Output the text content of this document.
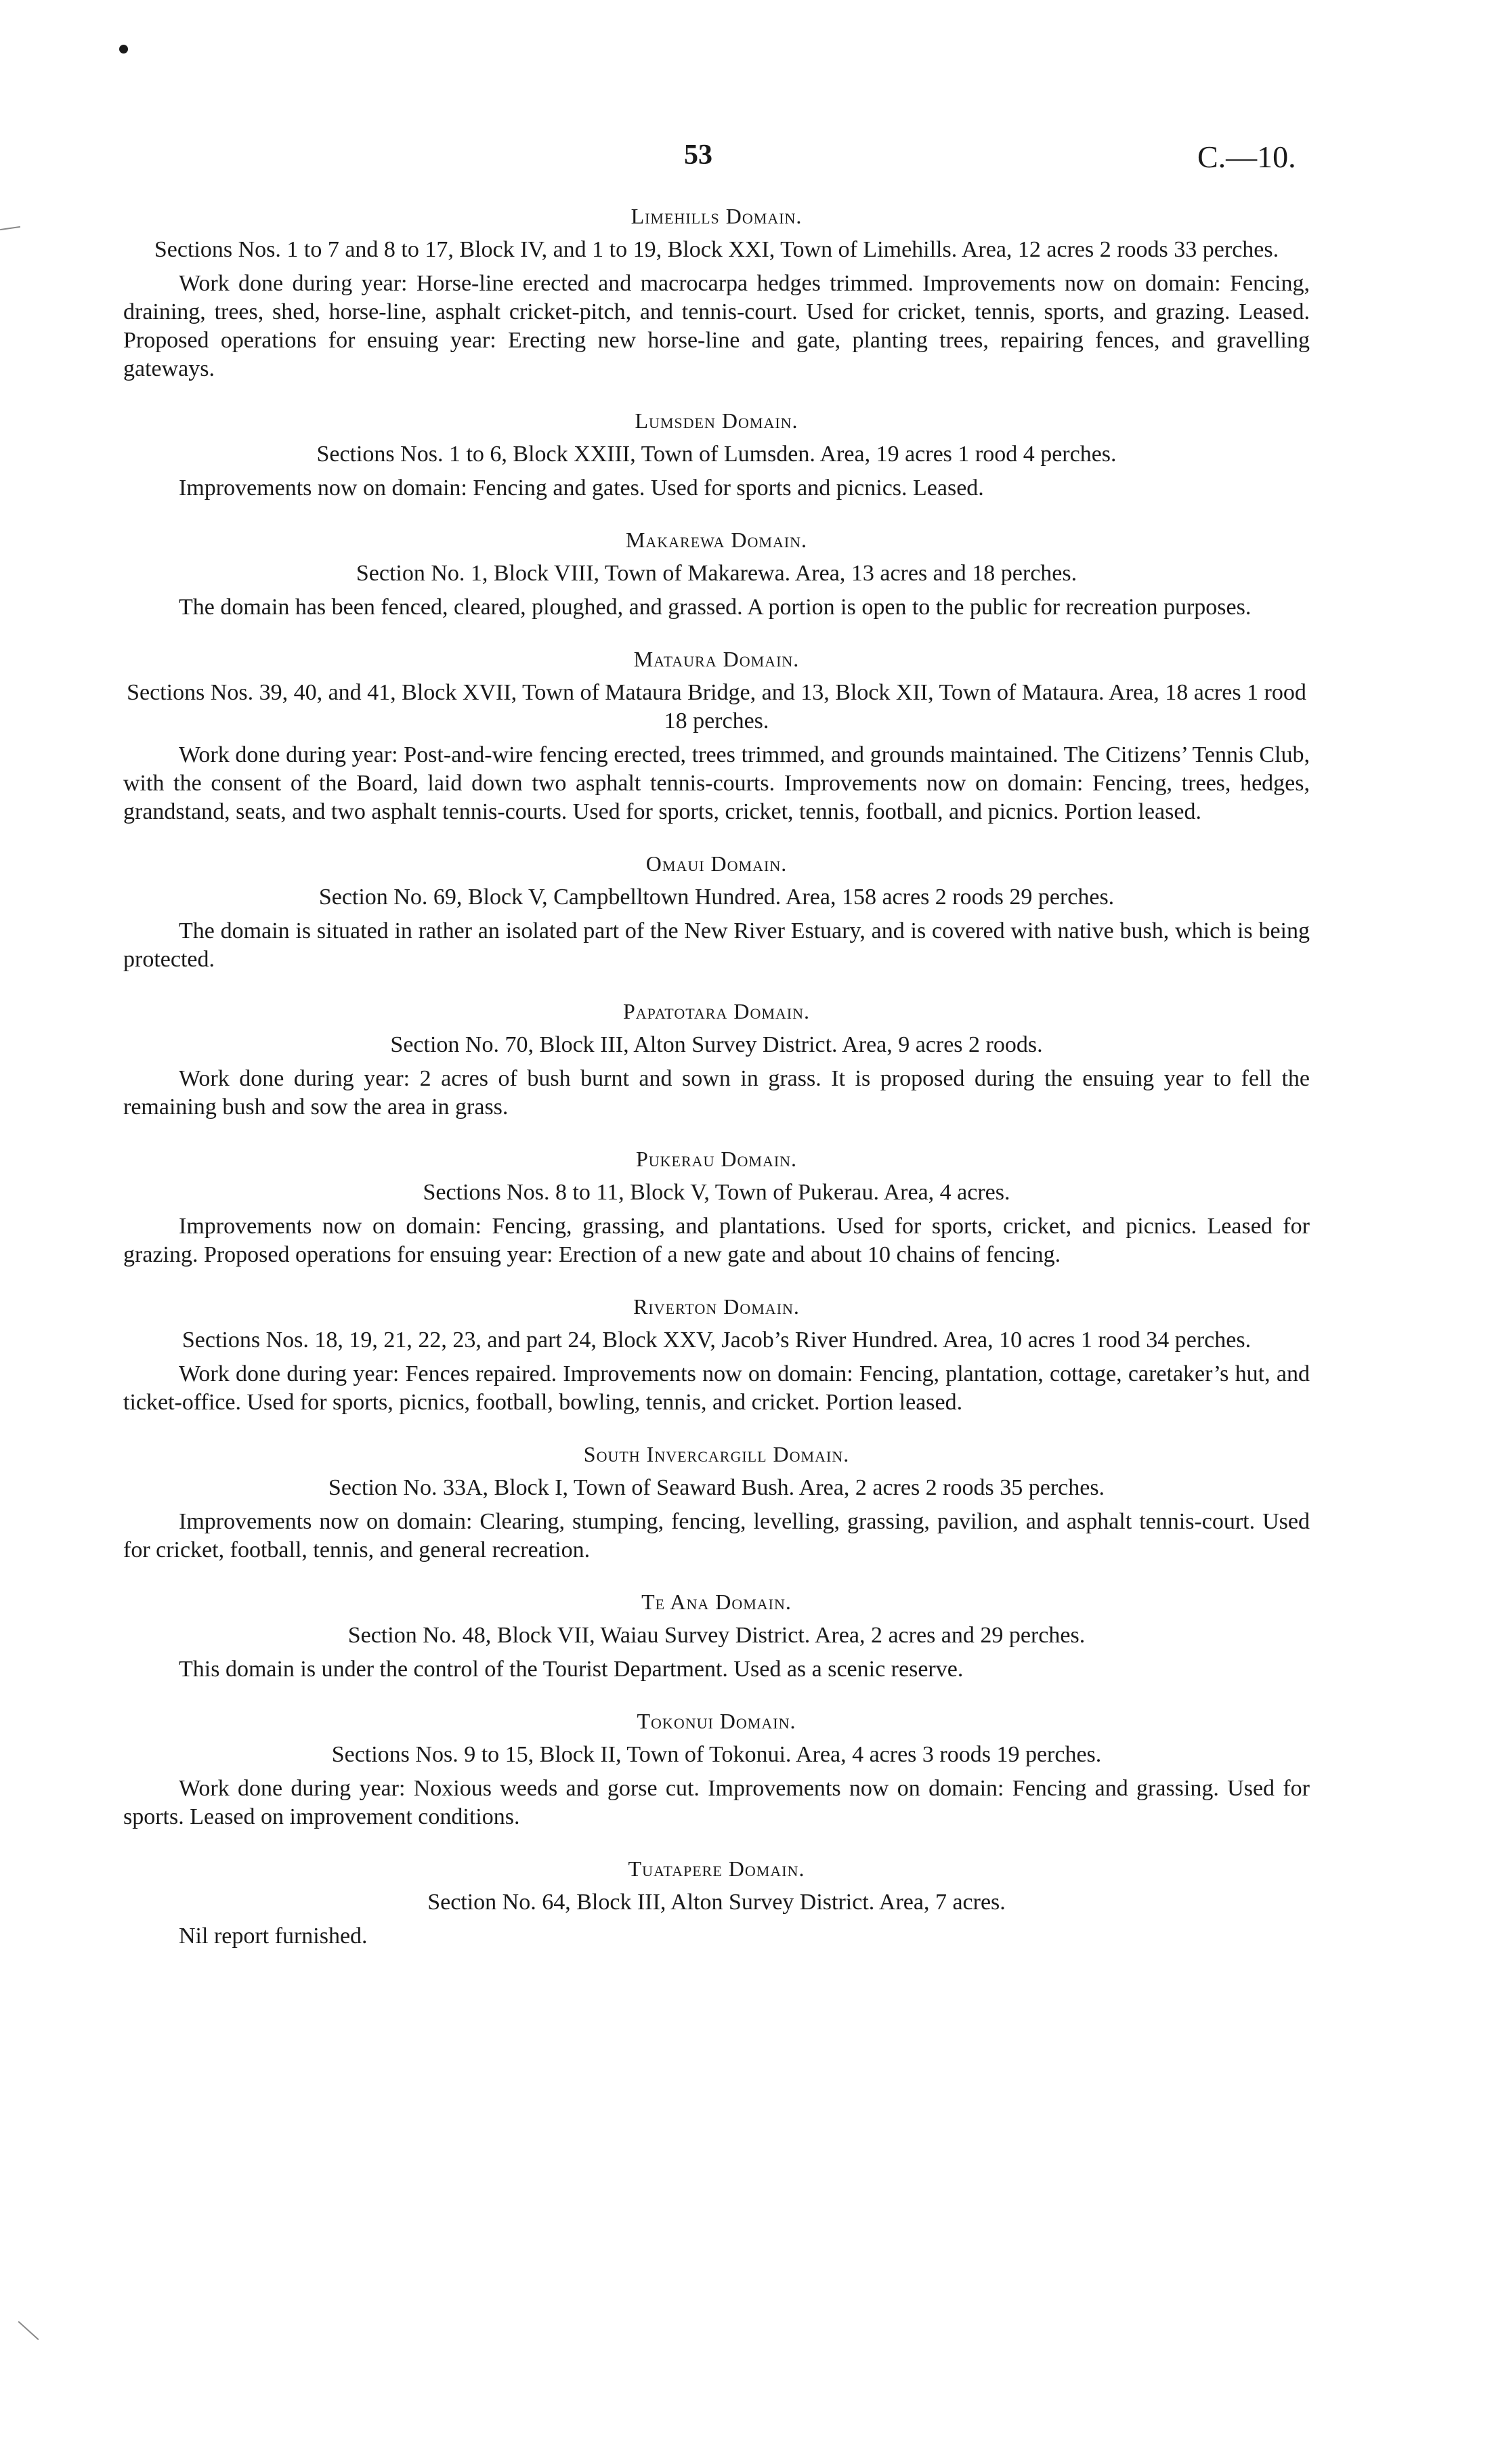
53	C.—10.
Limehills Domain.
Sections Nos. 1 to 7 and 8 to 17, Block IV, and 1 to 19, Block XXI, Town of Limehills. Area, 12 acres 2 roods 33 perches.

Work done during year: Horse-line erected and macrocarpa hedges trimmed. Improvements now on domain: Fencing, draining, trees, shed, horse-line, asphalt cricket-pitch, and tennis-court. Used for cricket, tennis, sports, and grazing. Leased. Proposed operations for ensuing year: Erecting new horse-line and gate, planting trees, repairing fences, and gravelling gateways.

Lumsden Domain.
Sections Nos. 1 to 6, Block XXIII, Town of Lumsden. Area, 19 acres 1 rood 4 perches.

Improvements now on domain: Fencing and gates. Used for sports and picnics. Leased.

Makarewa Domain.
Section No. 1, Block VIII, Town of Makarewa. Area, 13 acres and 18 perches.

The domain has been fenced, cleared, ploughed, and grassed. A portion is open to the public for recreation purposes.

Mataura Domain.
Sections Nos. 39, 40, and 41, Block XVII, Town of Mataura Bridge, and 13, Block XII, Town of Mataura. Area, 18 acres 1 rood 18 perches.

Work done during year: Post-and-wire fencing erected, trees trimmed, and grounds maintained. The Citizens’ Tennis Club, with the consent of the Board, laid down two asphalt tennis-courts. Improvements now on domain: Fencing, trees, hedges, grandstand, seats, and two asphalt tennis-courts. Used for sports, cricket, tennis, football, and picnics. Portion leased.

Omaui Domain.
Section No. 69, Block V, Campbelltown Hundred. Area, 158 acres 2 roods 29 perches.

The domain is situated in rather an isolated part of the New River Estuary, and is covered with native bush, which is being protected.

Papatotara Domain.
Section No. 70, Block III, Alton Survey District. Area, 9 acres 2 roods.

Work done during year: 2 acres of bush burnt and sown in grass. It is proposed during the ensuing year to fell the remaining bush and sow the area in grass.

Pukerau Domain.
Sections Nos. 8 to 11, Block V, Town of Pukerau. Area, 4 acres.

Improvements now on domain: Fencing, grassing, and plantations. Used for sports, cricket, and picnics. Leased for grazing. Proposed operations for ensuing year: Erection of a new gate and about 10 chains of fencing.

Riverton Domain.
Sections Nos. 18, 19, 21, 22, 23, and part 24, Block XXV, Jacob’s River Hundred. Area, 10 acres 1 rood 34 perches.

Work done during year: Fences repaired. Improvements now on domain: Fencing, plantation, cottage, caretaker’s hut, and ticket-office. Used for sports, picnics, football, bowling, tennis, and cricket. Portion leased.

South Invercargill Domain.
Section No. 33A, Block I, Town of Seaward Bush. Area, 2 acres 2 roods 35 perches.

Improvements now on domain: Clearing, stumping, fencing, levelling, grassing, pavilion, and asphalt tennis-court. Used for cricket, football, tennis, and general recreation.

Te Ana Domain.
Section No. 48, Block VII, Waiau Survey District. Area, 2 acres and 29 perches.

This domain is under the control of the Tourist Department. Used as a scenic reserve.

Tokonui Domain.
Sections Nos. 9 to 15, Block II, Town of Tokonui. Area, 4 acres 3 roods 19 perches.

Work done during year: Noxious weeds and gorse cut. Improvements now on domain: Fencing and grassing. Used for sports. Leased on improvement conditions.

Tuatapere Domain.
Section No. 64, Block III, Alton Survey District. Area, 7 acres.

Nil report furnished.
